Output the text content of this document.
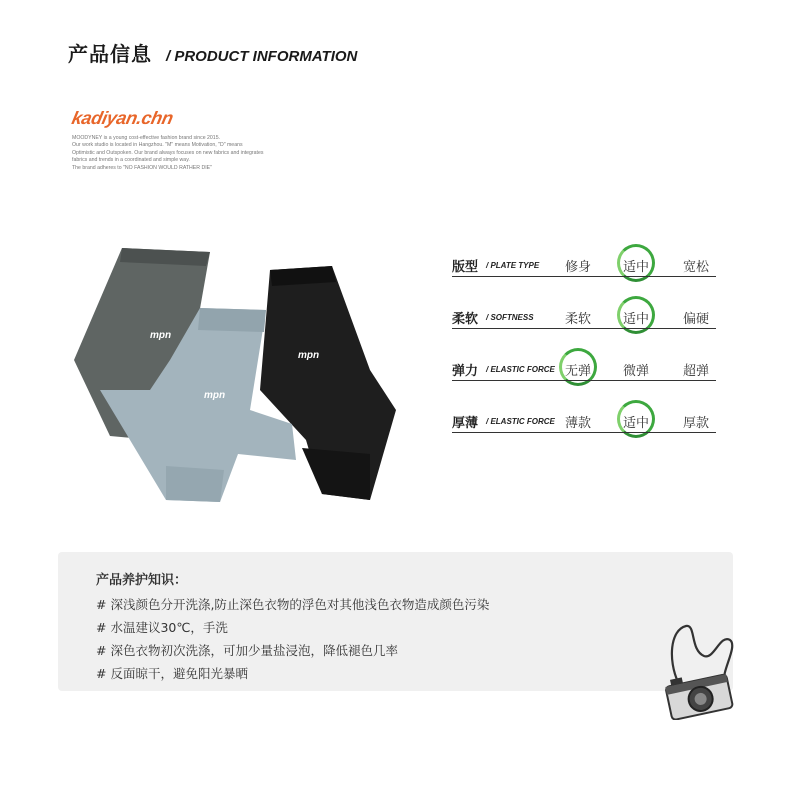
产品信息 / PRODUCT INFORMATION
kadiyan.chn
MOODYNEY is a young cost-effective fashion brand since 2015.
Our work studio is located in Hangzhou. "M" means Motivation, "D" means
Optimistic and Outspoken. Our brand always focuses on new fabrics and integrates
fabrics and trends in a coordinated and simple way.
The brand adheres to "NO FASHION WOULD RATHER DIE"
mpn
mpn
mpn
版型 / PLATE TYPE	修身	适中	宽松
柔软 / SOFTNESS	柔软	适中	偏硬
弹力 / ELASTIC FORCE 无弹	微弹	超弹
厚薄 / ELASTIC FORCE 薄款	适中	厚款
产品养护知识：
# 深浅颜色分开洗涤,防止深色衣物的浮色对其他浅色衣物造成颜色污染
# 水温建议30℃，手洗
# 深色衣物初次洗涤，可加少量盐浸泡，降低褪色几率
# 反面晾干，避免阳光暴晒
